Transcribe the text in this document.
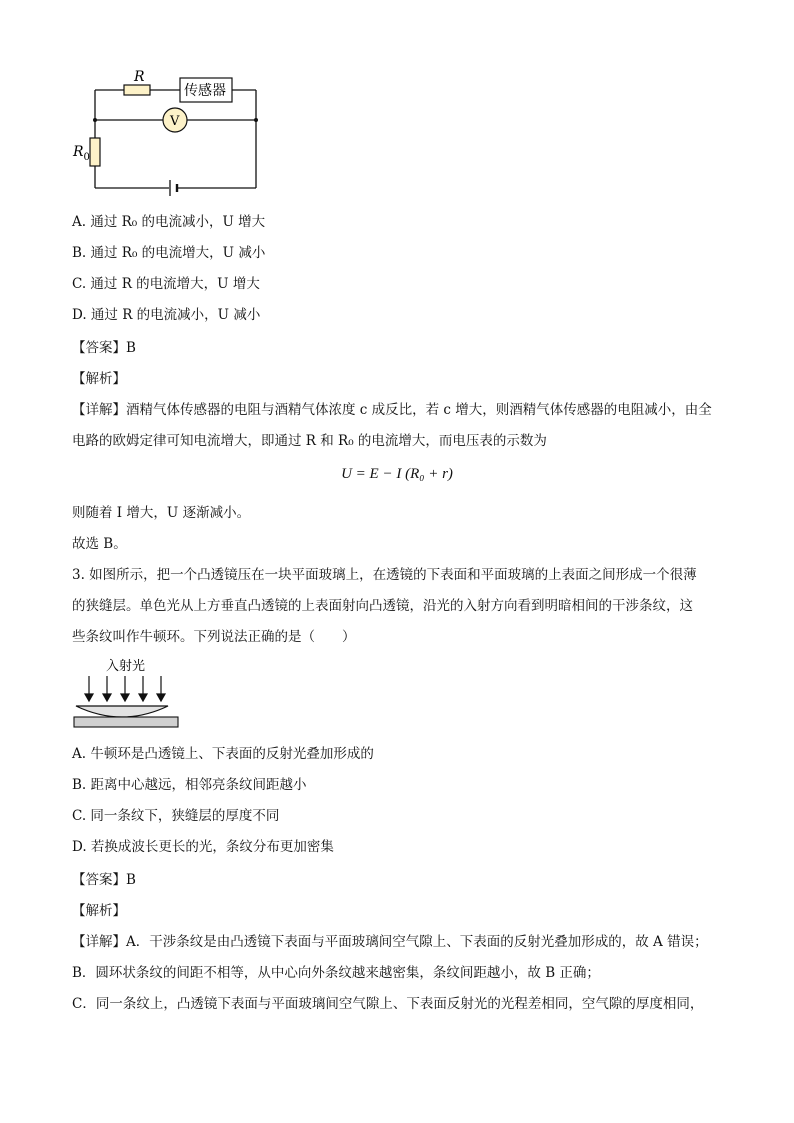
R
传感器
V
$R_0$
A. 通过 R₀ 的电流减小，U 增大
B. 通过 R₀ 的电流增大，U 减小
C. 通过 R 的电流增大，U 增大
D. 通过 R 的电流减小，U 减小
【答案】B
【解析】
【详解】酒精气体传感器的电阻与酒精气体浓度 c 成反比，若 c 增大，则酒精气体传感器的电阻减小，由全
电路的欧姆定律可知电流增大，即通过 R 和 R₀ 的电流增大，而电压表的示数为
U = E − I (R₀ + r)
则随着 I 增大，U 逐渐减小。
故选 B。
3. 如图所示，把一个凸透镜压在一块平面玻璃上，在透镜的下表面和平面玻璃的上表面之间形成一个很薄
的狭缝层。单色光从上方垂直凸透镜的上表面射向凸透镜，沿光的入射方向看到明暗相间的干涉条纹，这
些条纹叫作牛顿环。下列说法正确的是（　　）
入射光
A. 牛顿环是凸透镜上、下表面的反射光叠加形成的
B. 距离中心越远，相邻亮条纹间距越小
C. 同一条纹下，狭缝层的厚度不同
D. 若换成波长更长的光，条纹分布更加密集
【答案】B
【解析】
【详解】A．干涉条纹是由凸透镜下表面与平面玻璃间空气隙上、下表面的反射光叠加形成的，故 A 错误；
B．圆环状条纹的间距不相等，从中心向外条纹越来越密集，条纹间距越小，故 B 正确；
C．同一条纹上，凸透镜下表面与平面玻璃间空气隙上、下表面反射光的光程差相同，空气隙的厚度相同，
